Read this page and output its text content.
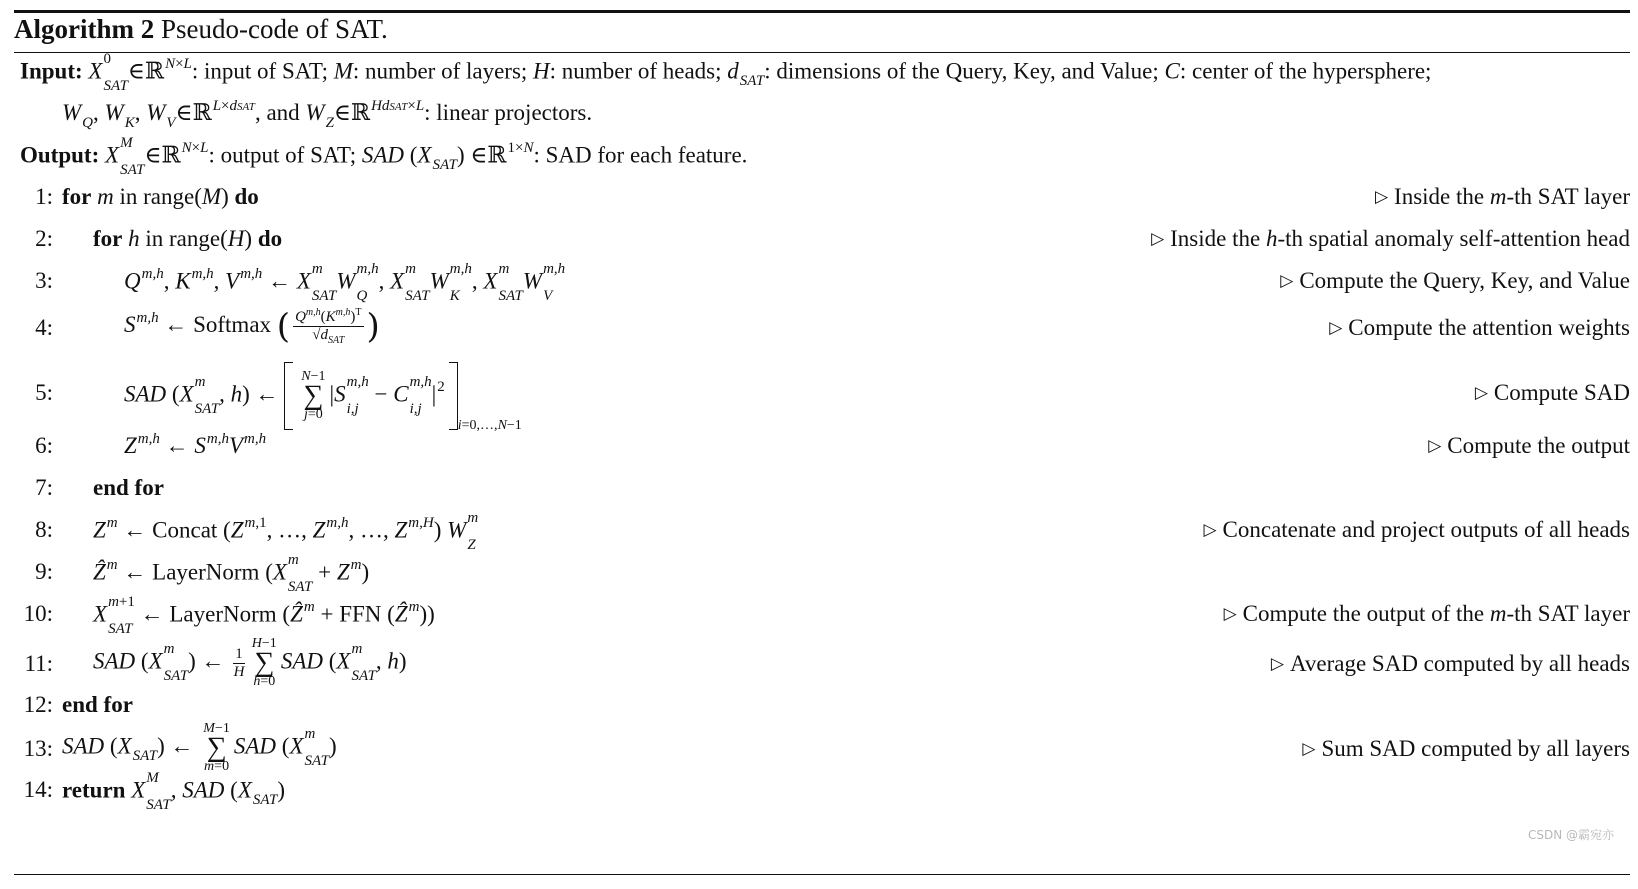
Algorithm 2 Pseudo-code of SAT.
Input: X 0
SAT
∈ℝ$^{N\times L}$: input of SAT; M: number of layers; H: number of heads; $d_{SAT}$: dimensions of the Query, Key, and Value; C: center of the hypersphere;
$W_Q$, $W_K$, $W_V\in ℝ^{L\times dSAT}$, and $W_Z\in ℝ^{HdSAT\times L}$: linear projectors.
Output: X M
SAT
∈ℝ$^{N\times L}$: output of SAT; SAD $(X_{SAT})$ ∈ℝ$^{1\times N}$: SAD for each feature.
1: for m in range(M) do	▷ Inside the m-th SAT layer
2: for h in range(H) do	▷ Inside the h-th spatial anomaly self-attention head
3:	Q$^{m,h}$, K$^{m,h}$, V$^{m,h}$ ← X m
SAT
W m,h
Q
, X m
SAT
W m,h
K
, X m
SAT
W m,h
V
▷ Compute the Query, Key, and Value
4:	S$^{m,h}$ ← Softmax ( $\frac{Q^{m,h}(K^{m,h})^T}{√d_{SAT}}$ )	▷ Compute the attention weights
5:	SAD (X m
SAT
, h) ←
N−1
∑
j=0
|S m,h
i,j
− C m,h
i,j
$|^2_{i=0,\dots,N-1}$
▷ Compute SAD
6:	Z$^{m,h}$ ← $S^{m,h}V^{m,h}$	▷ Compute the output
7: end for
8: $Z^m$ ← Concat ($Z^{m,1}$, …, Z$^{m,h}$, …, $Z^{m,H}$) W m
Z
▷ Concatenate and project outputs of all heads
9: Ẑ$^m$ ← LayerNorm (X m
SAT
+ $Z^m$)
10: X m+1
SAT
← LayerNorm (Ẑ$^m$ + FFN (Ẑ$^m$))	▷ Compute the output of the m-th SAT layer
11: SAD (X m
SAT
) ← $\frac{1}{H}$
H−1
∑
h=0
SAD (X m
SAT
, h)	▷ Average SAD computed by all heads
12: end for
13: SAD $(X_{SAT})$ ←
M−1
∑
m=0
SAD (X m
SAT
)	▷ Sum SAD computed by all layers
14: return X M
SAT
, SAD $(X_{SAT})$
CSDN @霸宛亦
